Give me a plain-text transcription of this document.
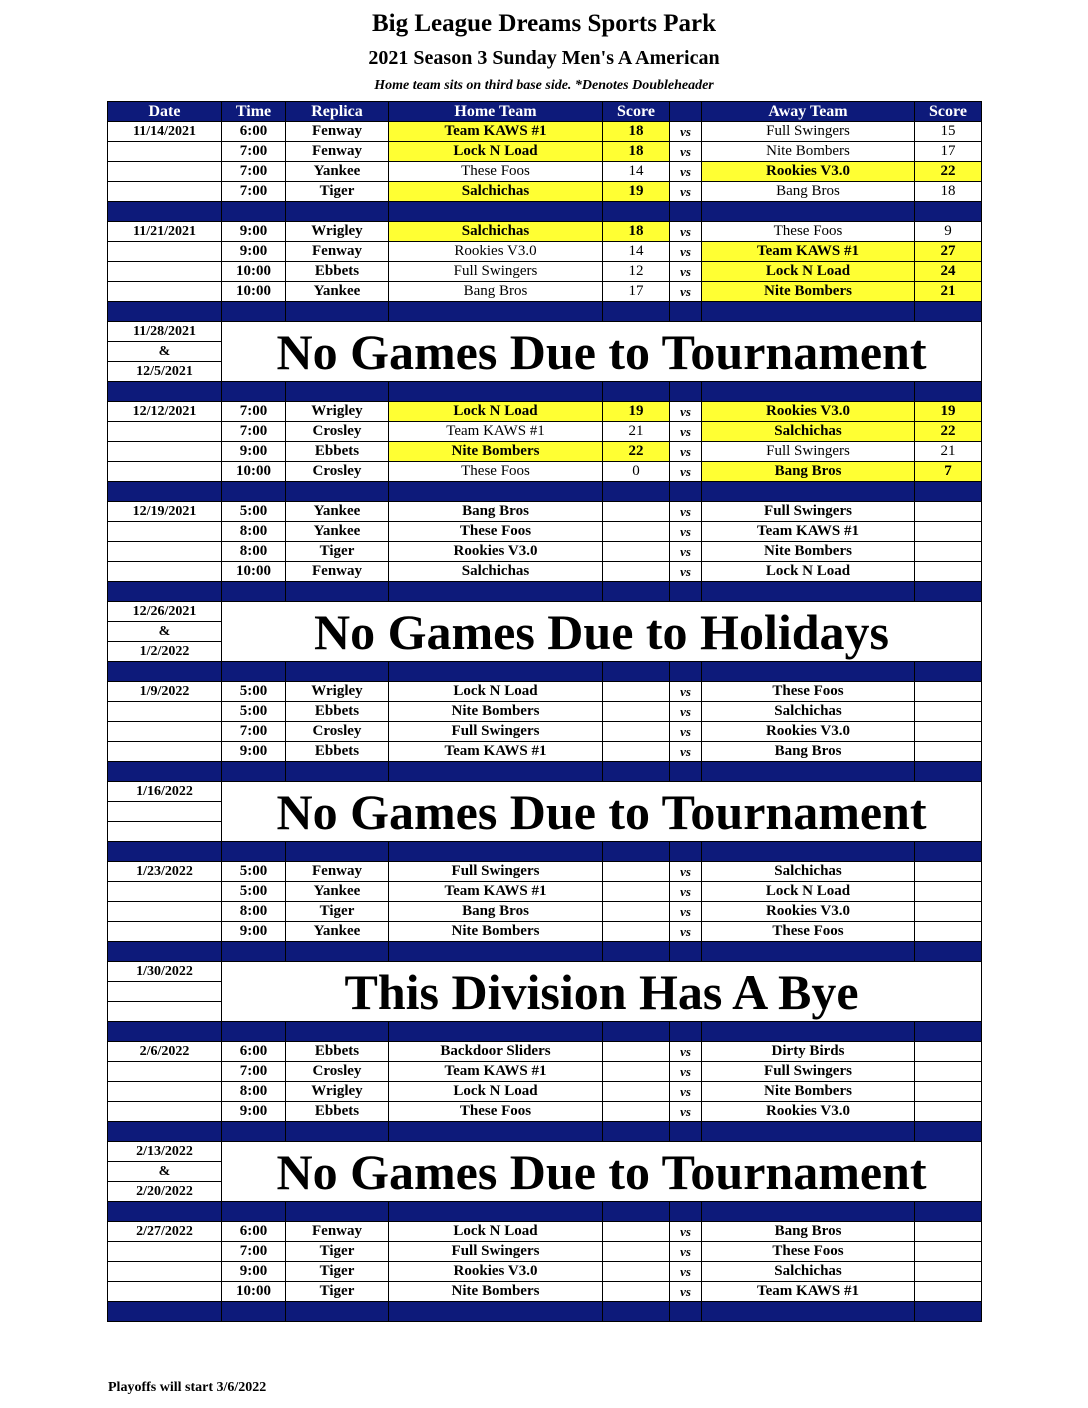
Big League Dreams Sports Park
2021 Season 3 Sunday Men's A American
Home team sits on third base side. *Denotes Doubleheader
Date	Time	Replica	Home Team	Score		Away Team	Score
11/14/2021	6:00	Fenway	Team KAWS #1	18	vs	Full Swingers	15
	7:00	Fenway	Lock N Load	18	vs	Nite Bombers	17
	7:00	Yankee	These Foos	14	vs	Rookies V3.0	22
	7:00	Tiger	Salchichas	19	vs	Bang Bros	18

11/21/2021	9:00	Wrigley	Salchichas	18	vs	These Foos	9
	9:00	Fenway	Rookies V3.0	14	vs	Team KAWS #1	27
	10:00	Ebbets	Full Swingers	12	vs	Lock N Load	24
	10:00	Yankee	Bang Bros	17	vs	Nite Bombers	21

11/28/2021	No Games Due to Tournament						
&							
12/5/2021							

12/12/2021	7:00	Wrigley	Lock N Load	19	vs	Rookies V3.0	19
	7:00	Crosley	Team KAWS #1	21	vs	Salchichas	22
	9:00	Ebbets	Nite Bombers	22	vs	Full Swingers	21
	10:00	Crosley	These Foos	0	vs	Bang Bros	7

12/19/2021	5:00	Yankee	Bang Bros		vs	Full Swingers	
	8:00	Yankee	These Foos		vs	Team KAWS #1	
	8:00	Tiger	Rookies V3.0		vs	Nite Bombers	
	10:00	Fenway	Salchichas		vs	Lock N Load	

12/26/2021	No Games Due to Holidays						
&							
1/2/2022							

1/9/2022	5:00	Wrigley	Lock N Load		vs	These Foos	
	5:00	Ebbets	Nite Bombers		vs	Salchichas	
	7:00	Crosley	Full Swingers		vs	Rookies V3.0	
	9:00	Ebbets	Team KAWS #1		vs	Bang Bros	

1/16/2022	No Games Due to Tournament						

1/23/2022	5:00	Fenway	Full Swingers		vs	Salchichas	
	5:00	Yankee	Team KAWS #1		vs	Lock N Load	
	8:00	Tiger	Bang Bros		vs	Rookies V3.0	
	9:00	Yankee	Nite Bombers		vs	These Foos	

1/30/2022	This Division Has A Bye						

2/6/2022	6:00	Ebbets	Backdoor Sliders		vs	Dirty Birds	
	7:00	Crosley	Team KAWS #1		vs	Full Swingers	
	8:00	Wrigley	Lock N Load		vs	Nite Bombers	
	9:00	Ebbets	These Foos		vs	Rookies V3.0	

2/13/2022	No Games Due to Tournament						
&							
2/20/2022							

2/27/2022	6:00	Fenway	Lock N Load		vs	Bang Bros	
	7:00	Tiger	Full Swingers		vs	These Foos	
	9:00	Tiger	Rookies V3.0		vs	Salchichas	
	10:00	Tiger	Nite Bombers		vs	Team KAWS #1	

Playoffs will start 3/6/2022
